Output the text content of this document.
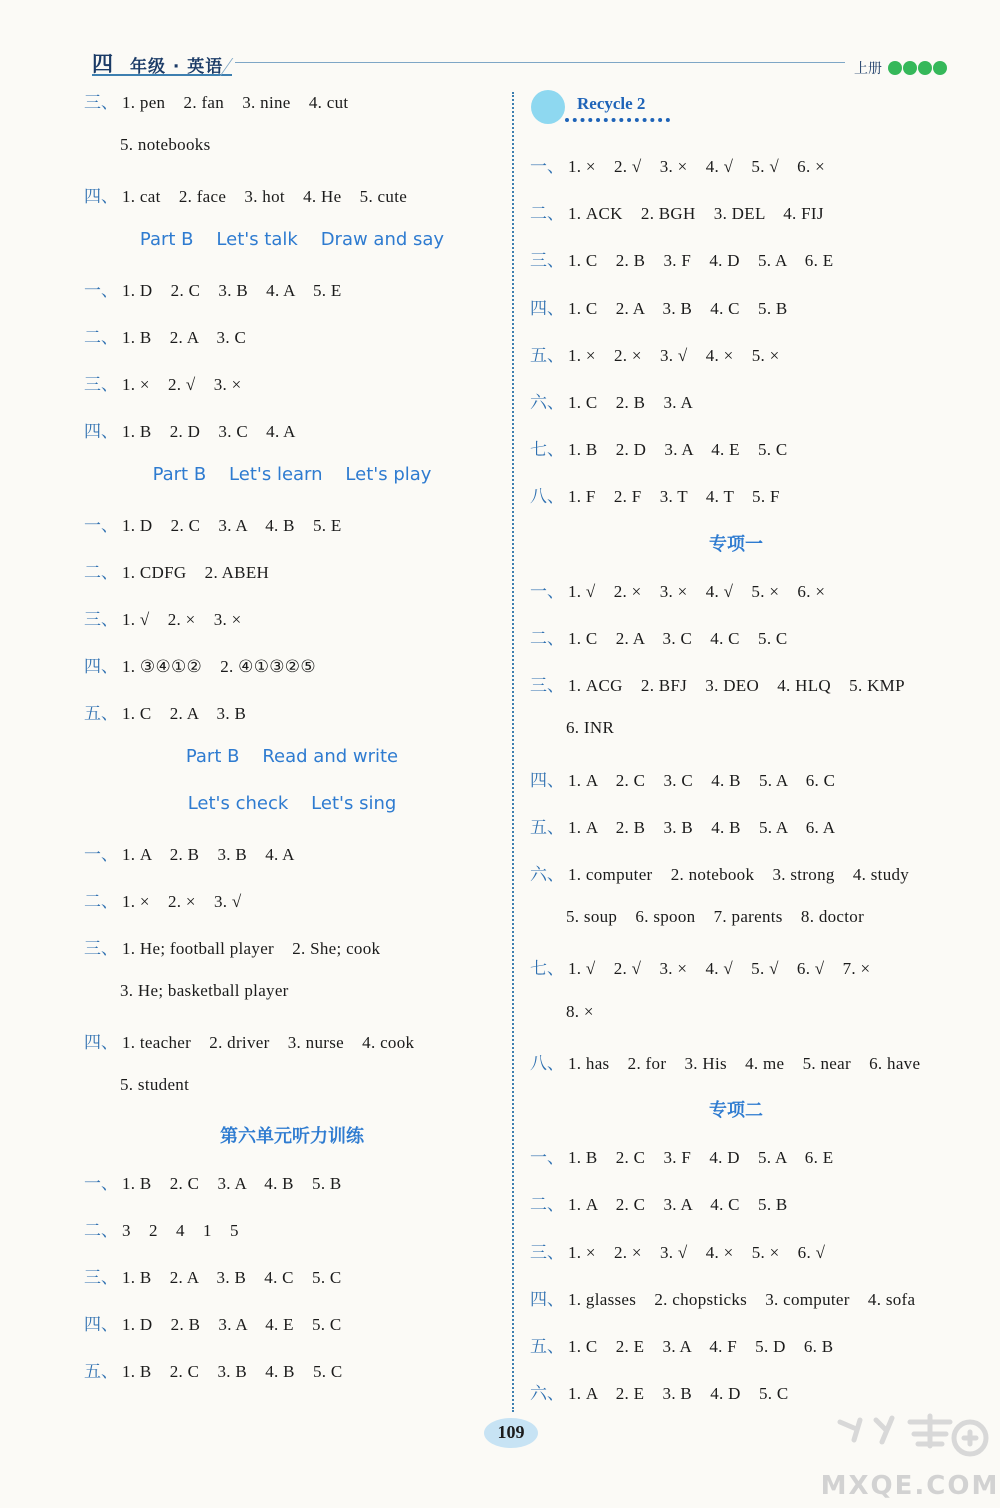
四 年级 · 英语	上册
三、 1. pen    2. fan    3. nine    4. cut
5. notebooks
四、 1. cat    2. face    3. hot    4. He    5. cute
Part B    Let's talk    Draw and say
一、 1. D    2. C    3. B    4. A    5. E
二、 1. B    2. A    3. C
三、 1. ×    2. √    3. ×
四、 1. B    2. D    3. C    4. A
Part B    Let's learn    Let's play
一、 1. D    2. C    3. A    4. B    5. E
二、 1. CDFG    2. ABEH
三、 1. √    2. ×    3. ×
四、 1. ③④①②    2. ④①③②⑤
五、 1. C    2. A    3. B
Part B    Read and write
Let's check    Let's sing
一、 1. A    2. B    3. B    4. A
二、 1. ×    2. ×    3. √
三、 1. He; football player    2. She; cook
3. He; basketball player
四、 1. teacher    2. driver    3. nurse    4. cook
5. student
第六单元听力训练
一、 1. B    2. C    3. A    4. B    5. B
二、 3    2    4    1    5
三、 1. B    2. A    3. B    4. C    5. C
四、 1. D    2. B    3. A    4. E    5. C
五、 1. B    2. C    3. B    4. B    5. C
Recycle 2
一、 1. ×    2. √    3. ×    4. √    5. √    6. ×
二、 1. ACK    2. BGH    3. DEL    4. FIJ
三、 1. C    2. B    3. F    4. D    5. A    6. E
四、 1. C    2. A    3. B    4. C    5. B
五、 1. ×    2. ×    3. √    4. ×    5. ×
六、 1. C    2. B    3. A
七、 1. B    2. D    3. A    4. E    5. C
八、 1. F    2. F    3. T    4. T    5. F
专项一
一、 1. √    2. ×    3. ×    4. √    5. ×    6. ×
二、 1. C    2. A    3. C    4. C    5. C
三、 1. ACG    2. BFJ    3. DEO    4. HLQ    5. KMP
6. INR
四、 1. A    2. C    3. C    4. B    5. A    6. C
五、 1. A    2. B    3. B    4. B    5. A    6. A
六、 1. computer    2. notebook    3. strong    4. study
5. soup    6. spoon    7. parents    8. doctor
七、 1. √    2. √    3. ×    4. √    5. √    6. √    7. ×
8. ×
八、 1. has    2. for    3. His    4. me    5. near    6. have
专项二
一、 1. B    2. C    3. F    4. D    5. A    6. E
二、 1. A    2. C    3. A    4. C    5. B
三、 1. ×    2. ×    3. √    4. ×    5. ×    6. √
四、 1. glasses    2. chopsticks    3. computer    4. sofa
五、 1. C    2. E    3. A    4. F    5. D    6. B
六、 1. A    2. E    3. B    4. D    5. C
109
MXQE.COM
